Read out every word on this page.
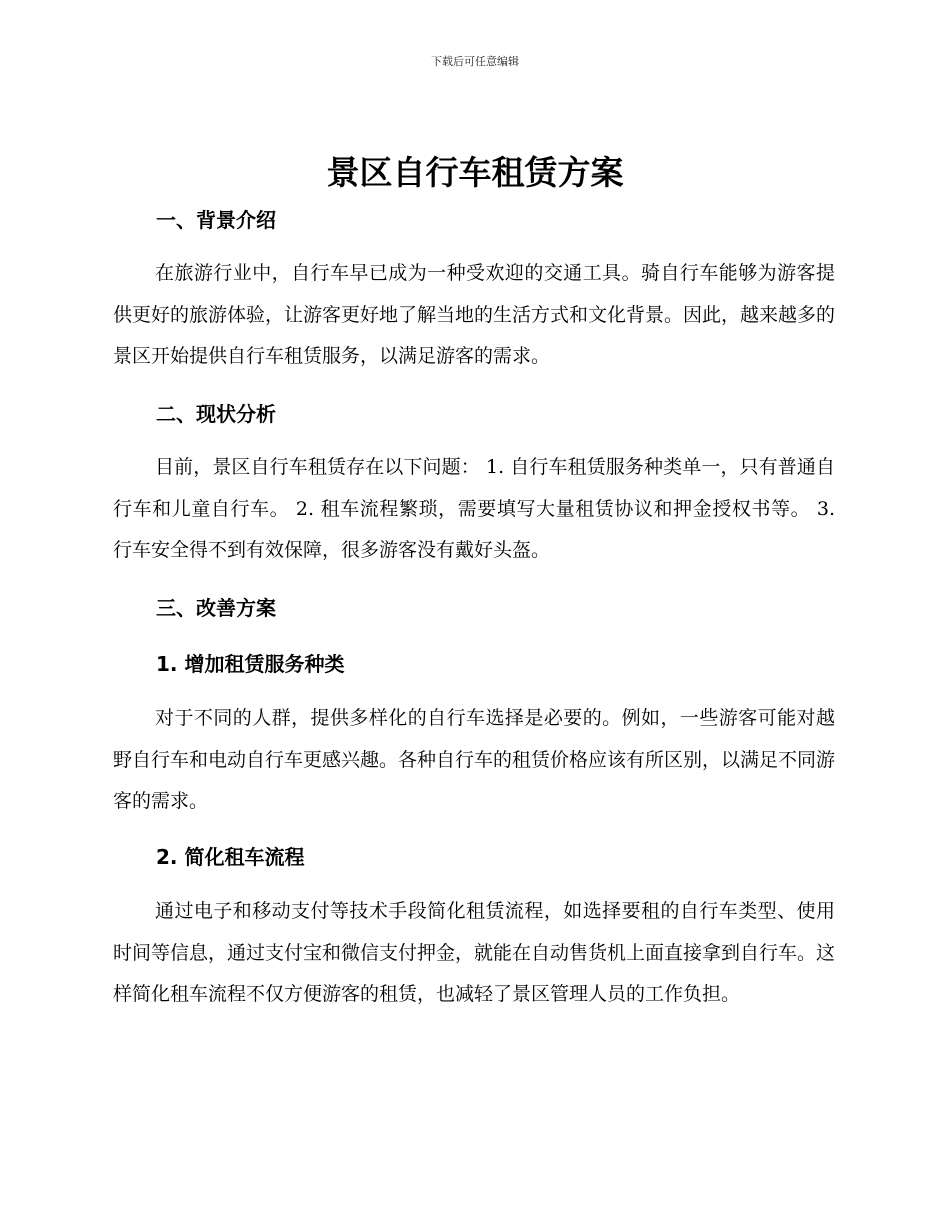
下载后可任意编辑
景区自行车租赁方案
一、背景介绍

在旅游行业中，自行车早已成为一种受欢迎的交通工具。骑自行车能够为游客提供更好的旅游体验，让游客更好地了解当地的生活方式和文化背景。因此，越来越多的景区开始提供自行车租赁服务，以满足游客的需求。

二、现状分析

目前，景区自行车租赁存在以下问题： 1. 自行车租赁服务种类单一，只有普通自行车和儿童自行车。 2. 租车流程繁琐，需要填写大量租赁协议和押金授权书等。 3. 行车安全得不到有效保障，很多游客没有戴好头盔。

三、改善方案
1. 增加租赁服务种类

对于不同的人群，提供多样化的自行车选择是必要的。例如，一些游客可能对越野自行车和电动自行车更感兴趣。各种自行车的租赁价格应该有所区别，以满足不同游客的需求。

2. 简化租车流程

通过电子和移动支付等技术手段简化租赁流程，如选择要租的自行车类型、使用时间等信息，通过支付宝和微信支付押金，就能在自动售货机上面直接拿到自行车。这样简化租车流程不仅方便游客的租赁，也减轻了景区管理人员的工作负担。
